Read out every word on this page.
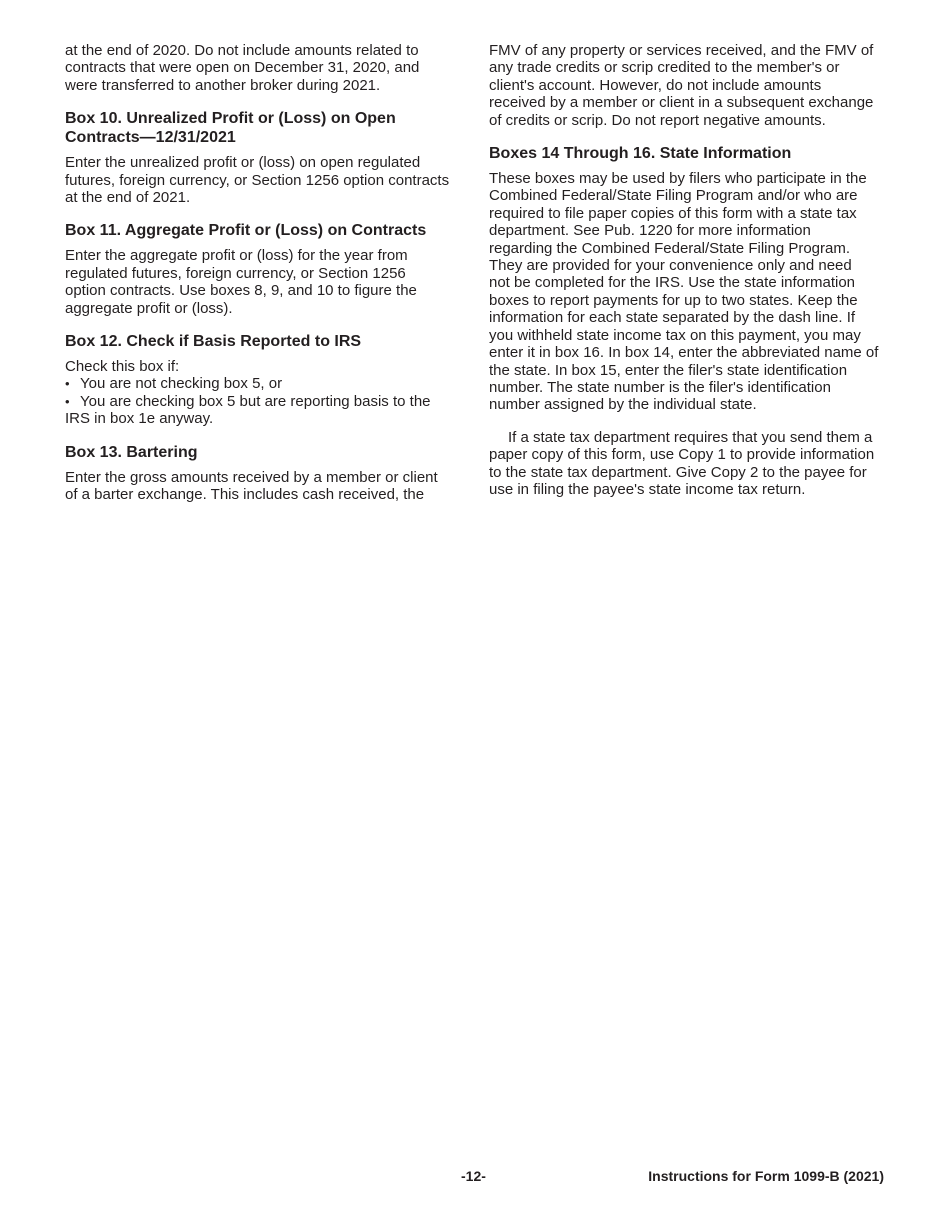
at the end of 2020. Do not include amounts related to
contracts that were open on December 31, 2020, and
were transferred to another broker during 2021.

Box 10. Unrealized Profit or (Loss) on Open
Contracts—12/31/2021

Enter the unrealized profit or (loss) on open regulated
futures, foreign currency, or Section 1256 option contracts
at the end of 2021.

Box 11. Aggregate Profit or (Loss) on Contracts

Enter the aggregate profit or (loss) for the year from
regulated futures, foreign currency, or Section 1256
option contracts. Use boxes 8, 9, and 10 to figure the
aggregate profit or (loss).

Box 12. Check if Basis Reported to IRS

Check this box if:

• You are not checking box 5, or

• You are checking box 5 but are reporting basis to the
IRS in box 1e anyway.

Box 13. Bartering

Enter the gross amounts received by a member or client
of a barter exchange. This includes cash received, the

FMV of any property or services received, and the FMV of
any trade credits or scrip credited to the member's or
client's account. However, do not include amounts
received by a member or client in a subsequent exchange
of credits or scrip. Do not report negative amounts.

Boxes 14 Through 16. State Information

These boxes may be used by filers who participate in the
Combined Federal/State Filing Program and/or who are
required to file paper copies of this form with a state tax
department. See Pub. 1220 for more information
regarding the Combined Federal/State Filing Program.
They are provided for your convenience only and need
not be completed for the IRS. Use the state information
boxes to report payments for up to two states. Keep the
information for each state separated by the dash line. If
you withheld state income tax on this payment, you may
enter it in box 16. In box 14, enter the abbreviated name of
the state. In box 15, enter the filer's state identification
number. The state number is the filer's identification
number assigned by the individual state.

If a state tax department requires that you send them a
paper copy of this form, use Copy 1 to provide information
to the state tax department. Give Copy 2 to the payee for
use in filing the payee's state income tax return.

-12-	Instructions for Form 1099-B (2021)
